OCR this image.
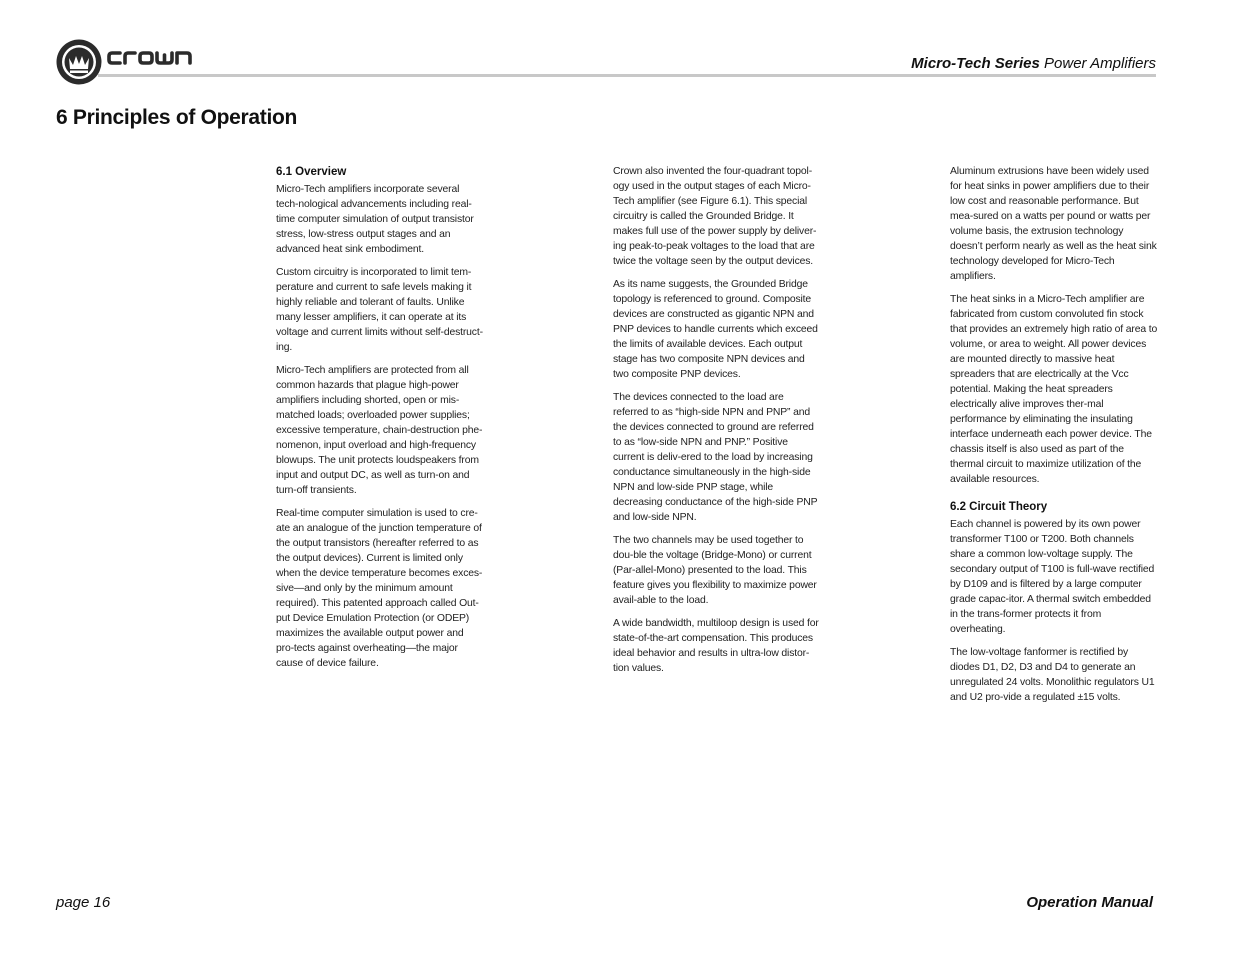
Micro-Tech Series Power Amplifiers
6 Principles of Operation
6.1 Overview

Micro-Tech amplifiers incorporate several tech-nological advancements including real-time computer simulation of output transistor stress, low-stress output stages and an advanced heat sink embodiment.

Custom circuitry is incorporated to limit tem-perature and current to safe levels making it highly reliable and tolerant of faults. Unlike many lesser amplifiers, it can operate at its voltage and current limits without self-destruct-ing.

Micro-Tech amplifiers are protected from all common hazards that plague high-power amplifiers including shorted, open or mis-matched loads; overloaded power supplies; excessive temperature, chain-destruction phe-nomenon, input overload and high-frequency blowups. The unit protects loudspeakers from input and output DC, as well as turn-on and turn-off transients.

Real-time computer simulation is used to cre-ate an analogue of the junction temperature of the output transistors (hereafter referred to as the output devices). Current is limited only when the device temperature becomes exces-sive—and only by the minimum amount required). This patented approach called Out-put Device Emulation Protection (or ODEP) maximizes the available output power and pro-tects against overheating—the major cause of device failure.

Crown also invented the four-quadrant topol-ogy used in the output stages of each Micro-Tech amplifier (see Figure 6.1). This special circuitry is called the Grounded Bridge. It makes full use of the power supply by deliver-ing peak-to-peak voltages to the load that are twice the voltage seen by the output devices.

As its name suggests, the Grounded Bridge topology is referenced to ground. Composite devices are constructed as gigantic NPN and PNP devices to handle currents which exceed the limits of available devices. Each output stage has two composite NPN devices and two composite PNP devices.

The devices connected to the load are referred to as “high-side NPN and PNP” and the devices connected to ground are referred to as “low-side NPN and PNP.” Positive current is deliv-ered to the load by increasing conductance simultaneously in the high-side NPN and low-side PNP stage, while decreasing conductance of the high-side PNP and low-side NPN.

The two channels may be used together to dou-ble the voltage (Bridge-Mono) or current (Par-allel-Mono) presented to the load. This feature gives you flexibility to maximize power avail-able to the load.

A wide bandwidth, multiloop design is used for state-of-the-art compensation. This produces ideal behavior and results in ultra-low distor-tion values.

Aluminum extrusions have been widely used for heat sinks in power amplifiers due to their low cost and reasonable performance. But mea-sured on a watts per pound or watts per volume basis, the extrusion technology doesn’t perform nearly as well as the heat sink technology developed for Micro-Tech amplifiers.

The heat sinks in a Micro-Tech amplifier are fabricated from custom convoluted fin stock that provides an extremely high ratio of area to volume, or area to weight. All power devices are mounted directly to massive heat spreaders that are electrically at the Vcc potential. Making the heat spreaders electrically alive improves ther-mal performance by eliminating the insulating interface underneath each power device. The chassis itself is also used as part of the thermal circuit to maximize utilization of the available resources.

6.2 Circuit Theory

Each channel is powered by its own power transformer T100 or T200. Both channels share a common low-voltage supply. The secondary output of T100 is full-wave rectified by D109 and is filtered by a large computer grade capac-itor. A thermal switch embedded in the trans-former protects it from overheating.

The low-voltage fanformer is rectified by diodes D1, D2, D3 and D4 to generate an unregulated 24 volts. Monolithic regulators U1 and U2 pro-vide a regulated ±15 volts.

page 16	Operation Manual
